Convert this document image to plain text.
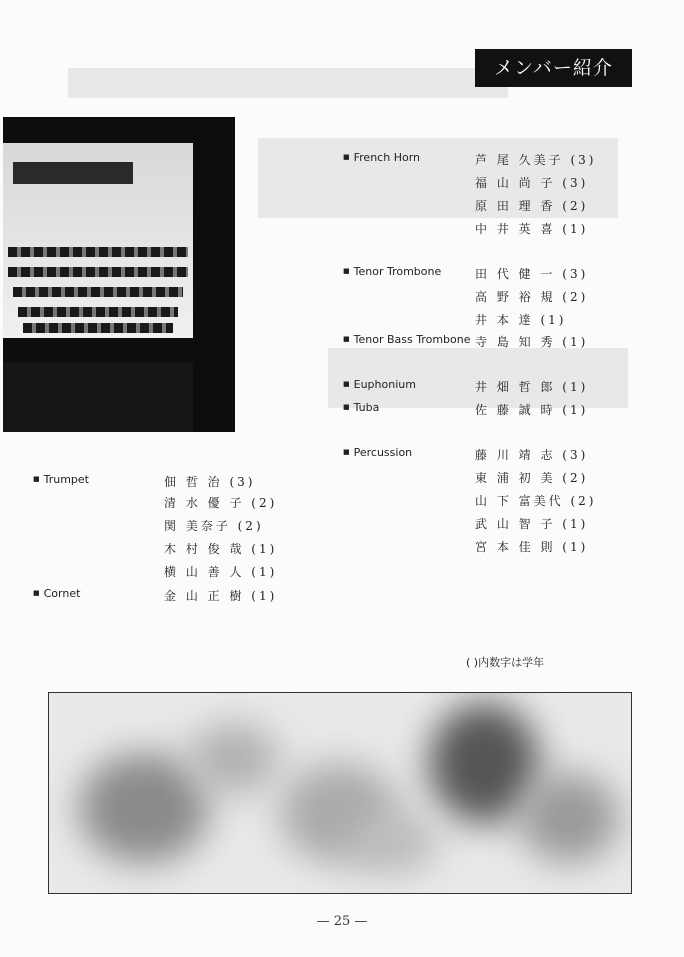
メンバー紹介
■ French Horn	芦 尾 久美子 (3)
福 山 尚 子 (3)
原 田 理 香 (2)
中 井 英 喜 (1)
■ Tenor Trombone	田 代 健 一 (3)
高 野 裕 規 (2)
井 本 達 (1)
■ Tenor Bass Trombone 寺 島 知 秀 (1)
■ Euphonium	井 畑 哲 郎 (1)
■ Tuba	佐 藤 誠 時 (1)
■ Percussion	藤 川 靖 志 (3)
東 浦 初 美 (2)
山 下 富美代 (2)
武 山 智 子 (1)
宮 本 佳 則 (1)
■ Trumpet	佃 哲 治 (3)
清 水 優 子 (2)
関 美奈子 (2)
木 村 俊 哉 (1)
横 山 善 人 (1)
■ Cornet	金 山 正 樹 (1)
( )内数字は学年
— 25 —
